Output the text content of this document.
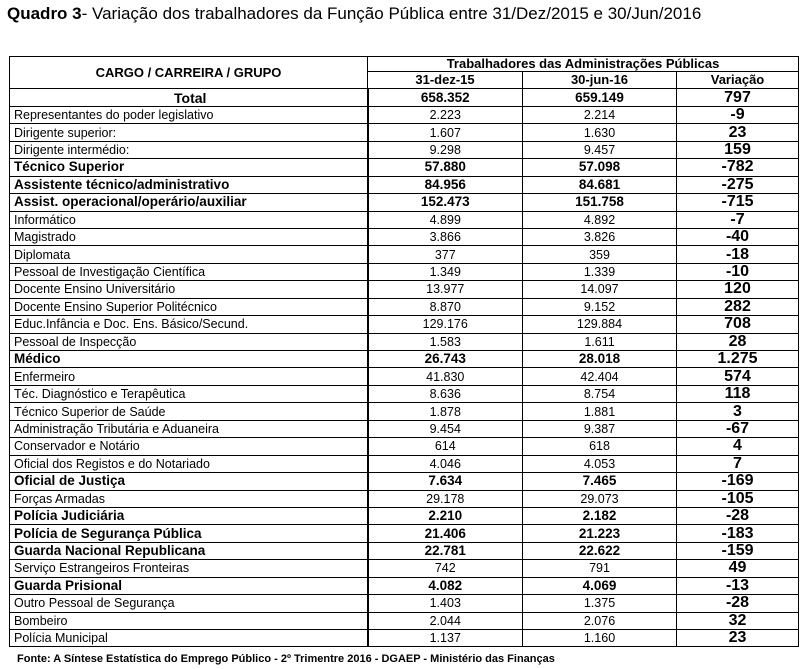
Quadro 3- Variação dos trabalhadores da Função Pública entre 31/Dez/2015 e 30/Jun/2016
CARGO / CARREIRA / GRUPO	Trabalhadores das Administrações Públicas		
	31-dez-15	30-jun-16	Variação
Total	658.352	659.149	797
Representantes do poder legislativo	2.223	2.214	-9
Dirigente superior:	1.607	1.630	23
Dirigente intermédio:	9.298	9.457	159
Técnico Superior	57.880	57.098	-782
Assistente técnico/administrativo	84.956	84.681	-275
Assist. operacional/operário/auxiliar	152.473	151.758	-715
Informático	4.899	4.892	-7
Magistrado	3.866	3.826	-40
Diplomata	377	359	-18
Pessoal de Investigação Científica	1.349	1.339	-10
Docente Ensino Universitário	13.977	14.097	120
Docente Ensino Superior Politécnico	8.870	9.152	282
Educ.Infância e Doc. Ens. Básico/Secund.	129.176	129.884	708
Pessoal de Inspecção	1.583	1.611	28
Médico	26.743	28.018	1.275
Enfermeiro	41.830	42.404	574
Téc. Diagnóstico e Terapêutica	8.636	8.754	118
Técnico Superior de Saúde	1.878	1.881	3
Administração Tributária e Aduaneira	9.454	9.387	-67
Conservador e Notário	614	618	4
Oficial dos Registos e do Notariado	4.046	4.053	7
Oficial de Justiça	7.634	7.465	-169
Forças Armadas	29.178	29.073	-105
Polícia Judiciária	2.210	2.182	-28
Polícia de Segurança Pública	21.406	21.223	-183
Guarda Nacional Republicana	22.781	22.622	-159
Serviço Estrangeiros Fronteiras	742	791	49
Guarda Prisional	4.082	4.069	-13
Outro Pessoal de Segurança	1.403	1.375	-28
Bombeiro	2.044	2.076	32
Polícia Municipal	1.137	1.160	23
Fonte: A Síntese Estatística do Emprego Público - 2º Trimentre 2016 - DGAEP - Ministério das Finanças
